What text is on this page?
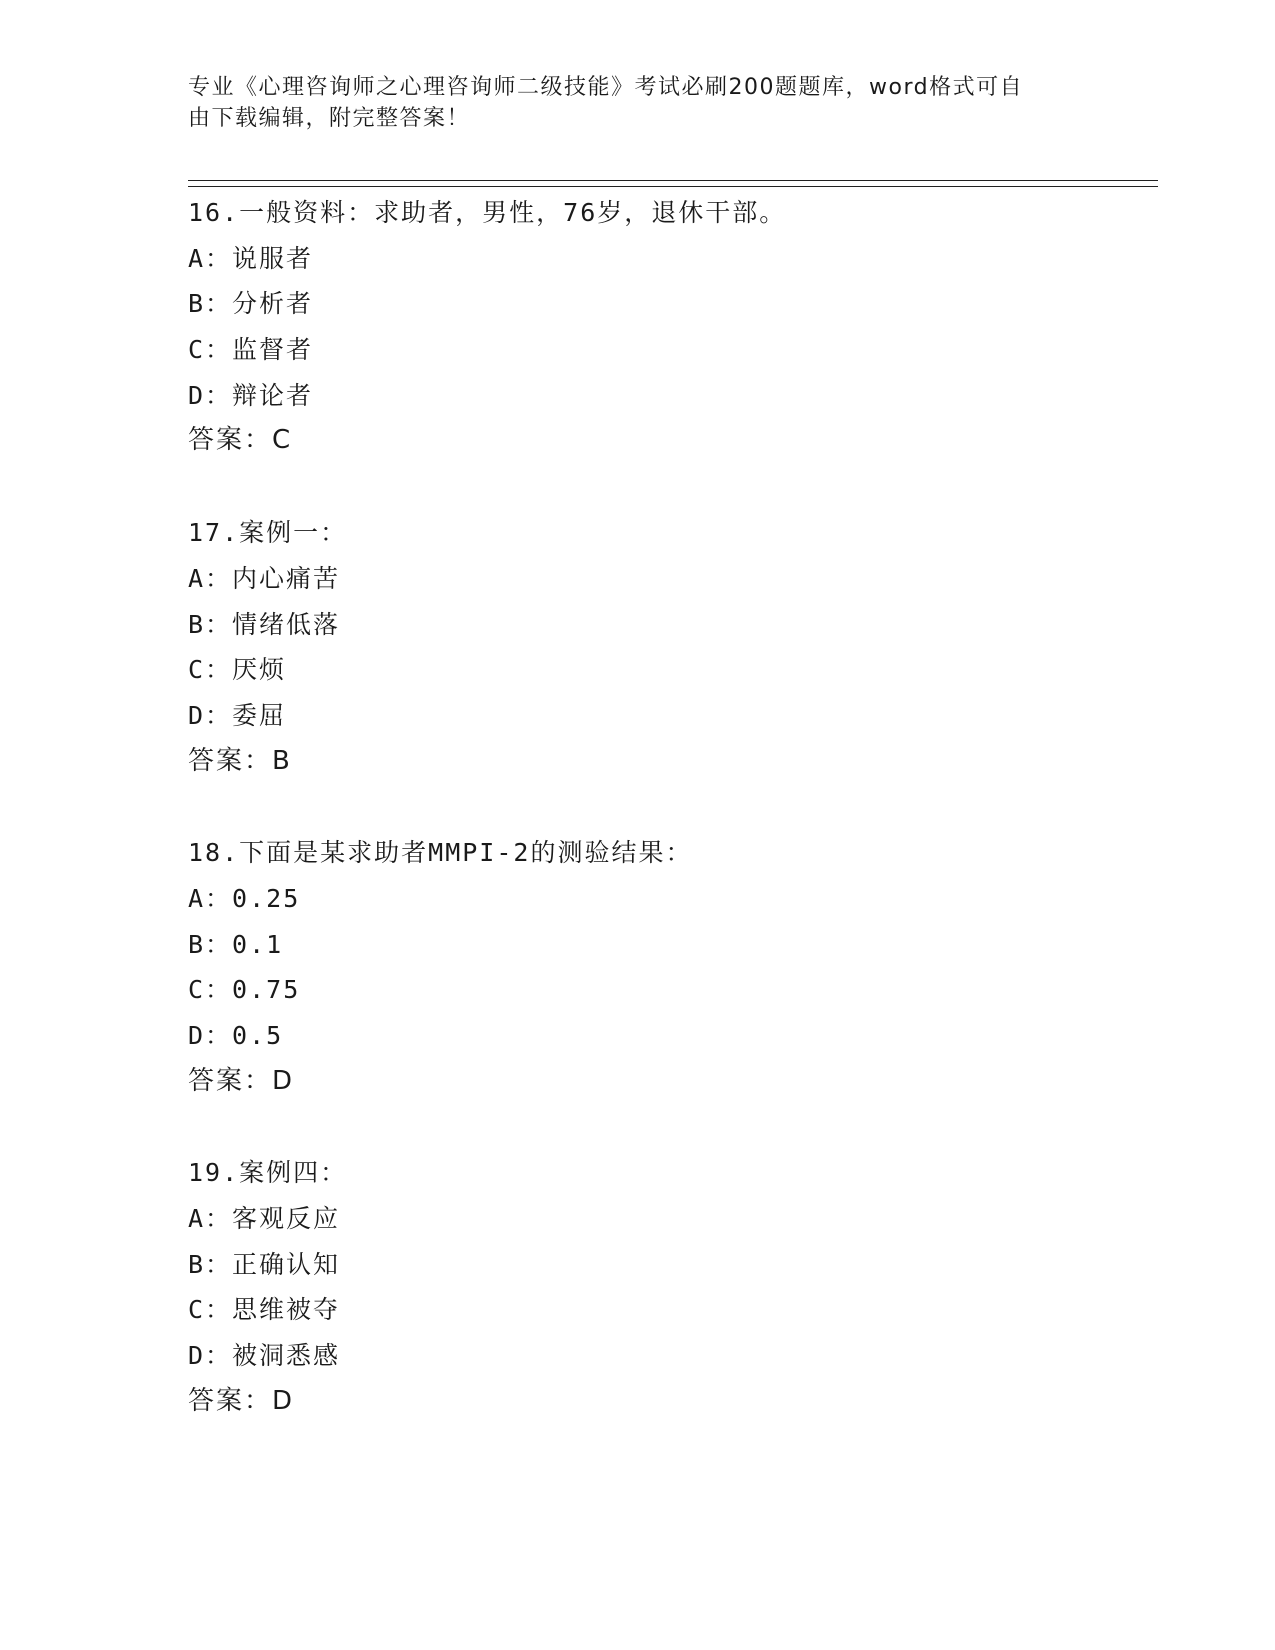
专业《心理咨询师之心理咨询师二级技能》考试必刷200题题库，word格式可自
由下载编辑，附完整答案！
16.一般资料：求助者，男性，76岁，退休干部。
A：说服者
B：分析者
C：监督者
D：辩论者
答案：C
17.案例一：
A：内心痛苦
B：情绪低落
C：厌烦
D：委屈
答案：B
18.下面是某求助者MMPI-2的测验结果：
A：0.25
B：0.1
C：0.75
D：0.5
答案：D
19.案例四：
A：客观反应
B：正确认知
C：思维被夺
D：被洞悉感
答案：D
